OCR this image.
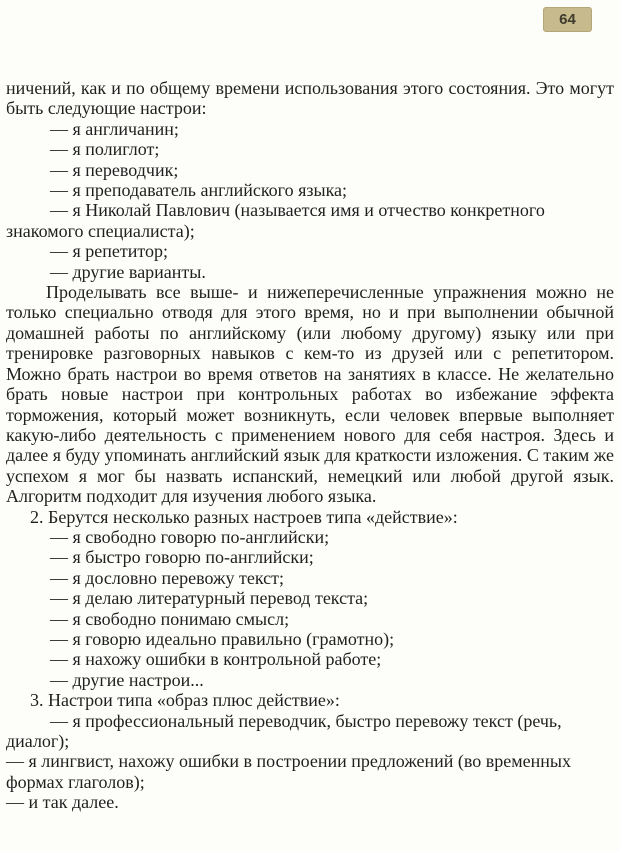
64
ничений, как и по общему времени использования этого состояния. Это могут быть следующие настрои:
— я англичанин;
— я полиглот;
— я переводчик;
— я преподаватель английского языка;
— я Николай Павлович (называется имя и отчество конкретного знакомого специалиста);
— я репетитор;
— другие варианты.
Проделывать все выше- и нижеперечисленные упражнения можно не только специально отводя для этого время, но и при выполнении обычной домашней работы по английскому (или любому другому) языку или при тренировке разговорных навыков с кем-то из друзей или с репетитором. Можно брать настрои во время ответов на занятиях в классе. Не желательно брать новые настрои при контрольных работах во избежание эффекта торможения, который может возникнуть, если человек впервые выполняет какую-либо деятельность с применением нового для себя настроя. Здесь и далее я буду упоминать английский язык для краткости изложения. С таким же успехом я мог бы назвать испанский, немецкий или любой другой язык. Алгоритм подходит для изучения любого языка.
2. Берутся несколько разных настроев типа «действие»:
— я свободно говорю по-английски;
— я быстро говорю по-английски;
— я дословно перевожу текст;
— я делаю литературный перевод текста;
— я свободно понимаю смысл;
— я говорю идеально правильно (грамотно);
— я нахожу ошибки в контрольной работе;
— другие настрои...
3. Настрои типа «образ плюс действие»:
— я профессиональный переводчик, быстро перевожу текст (речь, диалог);
— я лингвист, нахожу ошибки в построении предложений (во временных формах глаголов);
— и так далее.
